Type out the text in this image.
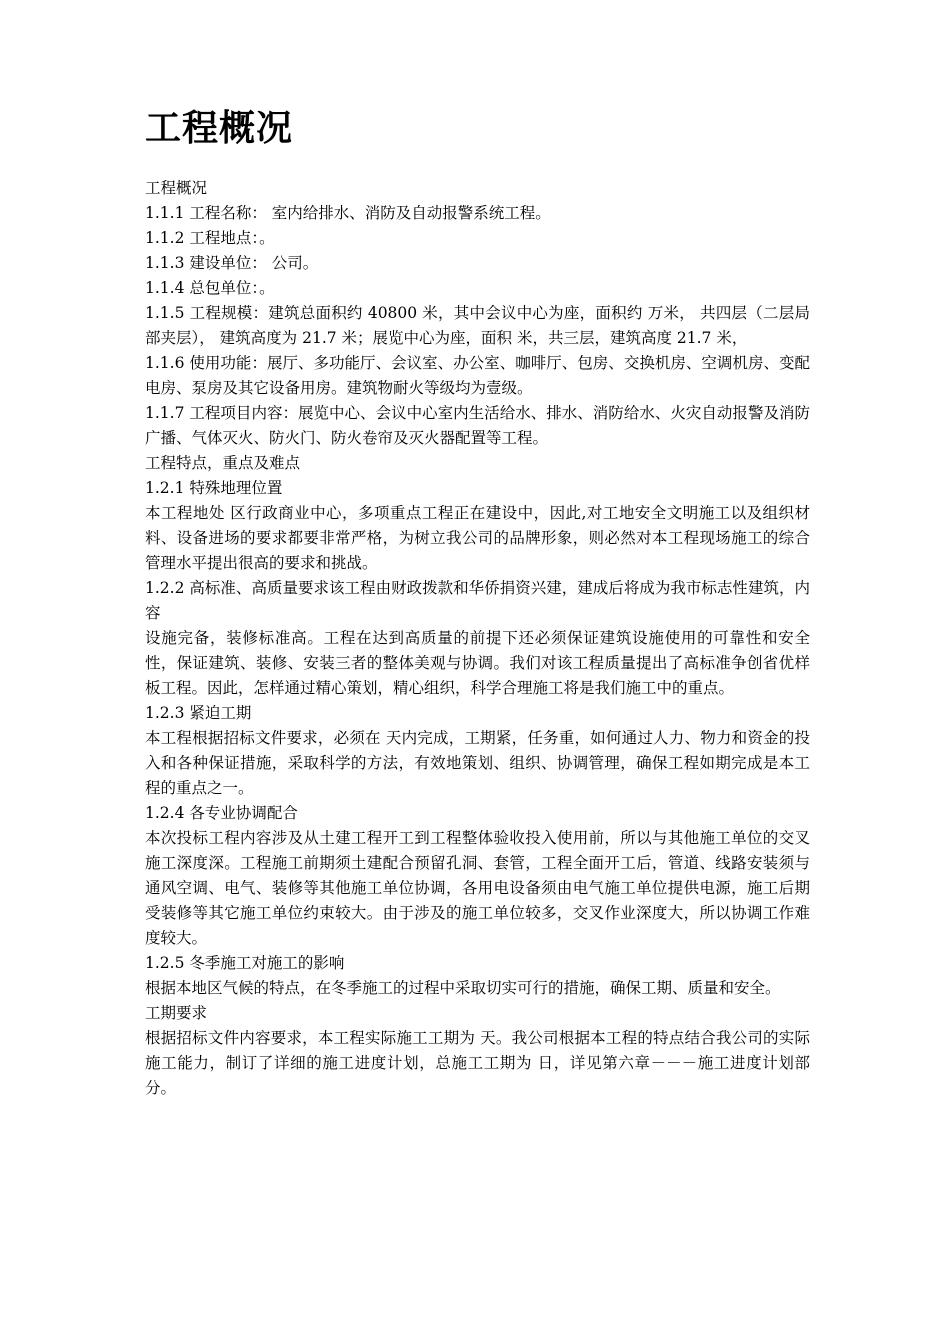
工程概况

工程概况

1.1.1 工程名称： 室内给排水、消防及自动报警系统工程。

1.1.2 工程地点：。

1.1.3 建设单位： 公司。

1.1.4 总包单位：。

1.1.5 工程规模：建筑总面积约 40800 米，其中会议中心为座，面积约 万米， 共四层（二层局部夹层）， 建筑高度为 21.7 米；展览中心为座，面积 米，共三层，建筑高度 21.7 米，

1.1.6 使用功能：展厅、多功能厅、会议室、办公室、咖啡厅、包房、交换机房、空调机房、变配电房、泵房及其它设备用房。建筑物耐火等级均为壹级。

1.1.7 工程项目内容：展览中心、会议中心室内生活给水、排水、消防给水、火灾自动报警及消防广播、气体灭火、防火门、防火卷帘及灭火器配置等工程。

工程特点，重点及难点

1.2.1 特殊地理位置

本工程地处 区行政商业中心，多项重点工程正在建设中，因此,对工地安全文明施工以及组织材料、设备进场的要求都要非常严格，为树立我公司的品牌形象，则必然对本工程现场施工的综合管理水平提出很高的要求和挑战。

1.2.2 高标准、高质量要求该工程由财政拨款和华侨捐资兴建，建成后将成为我市标志性建筑，内容

设施完备，装修标准高。工程在达到高质量的前提下还必须保证建筑设施使用的可靠性和安全性，保证建筑、装修、安装三者的整体美观与协调。我们对该工程质量提出了高标准争创省优样板工程。因此，怎样通过精心策划，精心组织，科学合理施工将是我们施工中的重点。

1.2.3 紧迫工期

本工程根据招标文件要求，必须在 天内完成，工期紧，任务重，如何通过人力、物力和资金的投入和各种保证措施，采取科学的方法，有效地策划、组织、协调管理，确保工程如期完成是本工程的重点之一。

1.2.4 各专业协调配合

本次投标工程内容涉及从土建工程开工到工程整体验收投入使用前，所以与其他施工单位的交叉施工深度深。工程施工前期须土建配合预留孔洞、套管，工程全面开工后，管道、线路安装须与通风空调、电气、装修等其他施工单位协调，各用电设备须由电气施工单位提供电源，施工后期受装修等其它施工单位约束较大。由于涉及的施工单位较多，交叉作业深度大，所以协调工作难度较大。

1.2.5 冬季施工对施工的影响

根据本地区气候的特点，在冬季施工的过程中采取切实可行的措施，确保工期、质量和安全。

工期要求

根据招标文件内容要求，本工程实际施工工期为 天。我公司根据本工程的特点结合我公司的实际施工能力，制订了详细的施工进度计划，总施工工期为 日，详见第六章－－－施工进度计划部分。
